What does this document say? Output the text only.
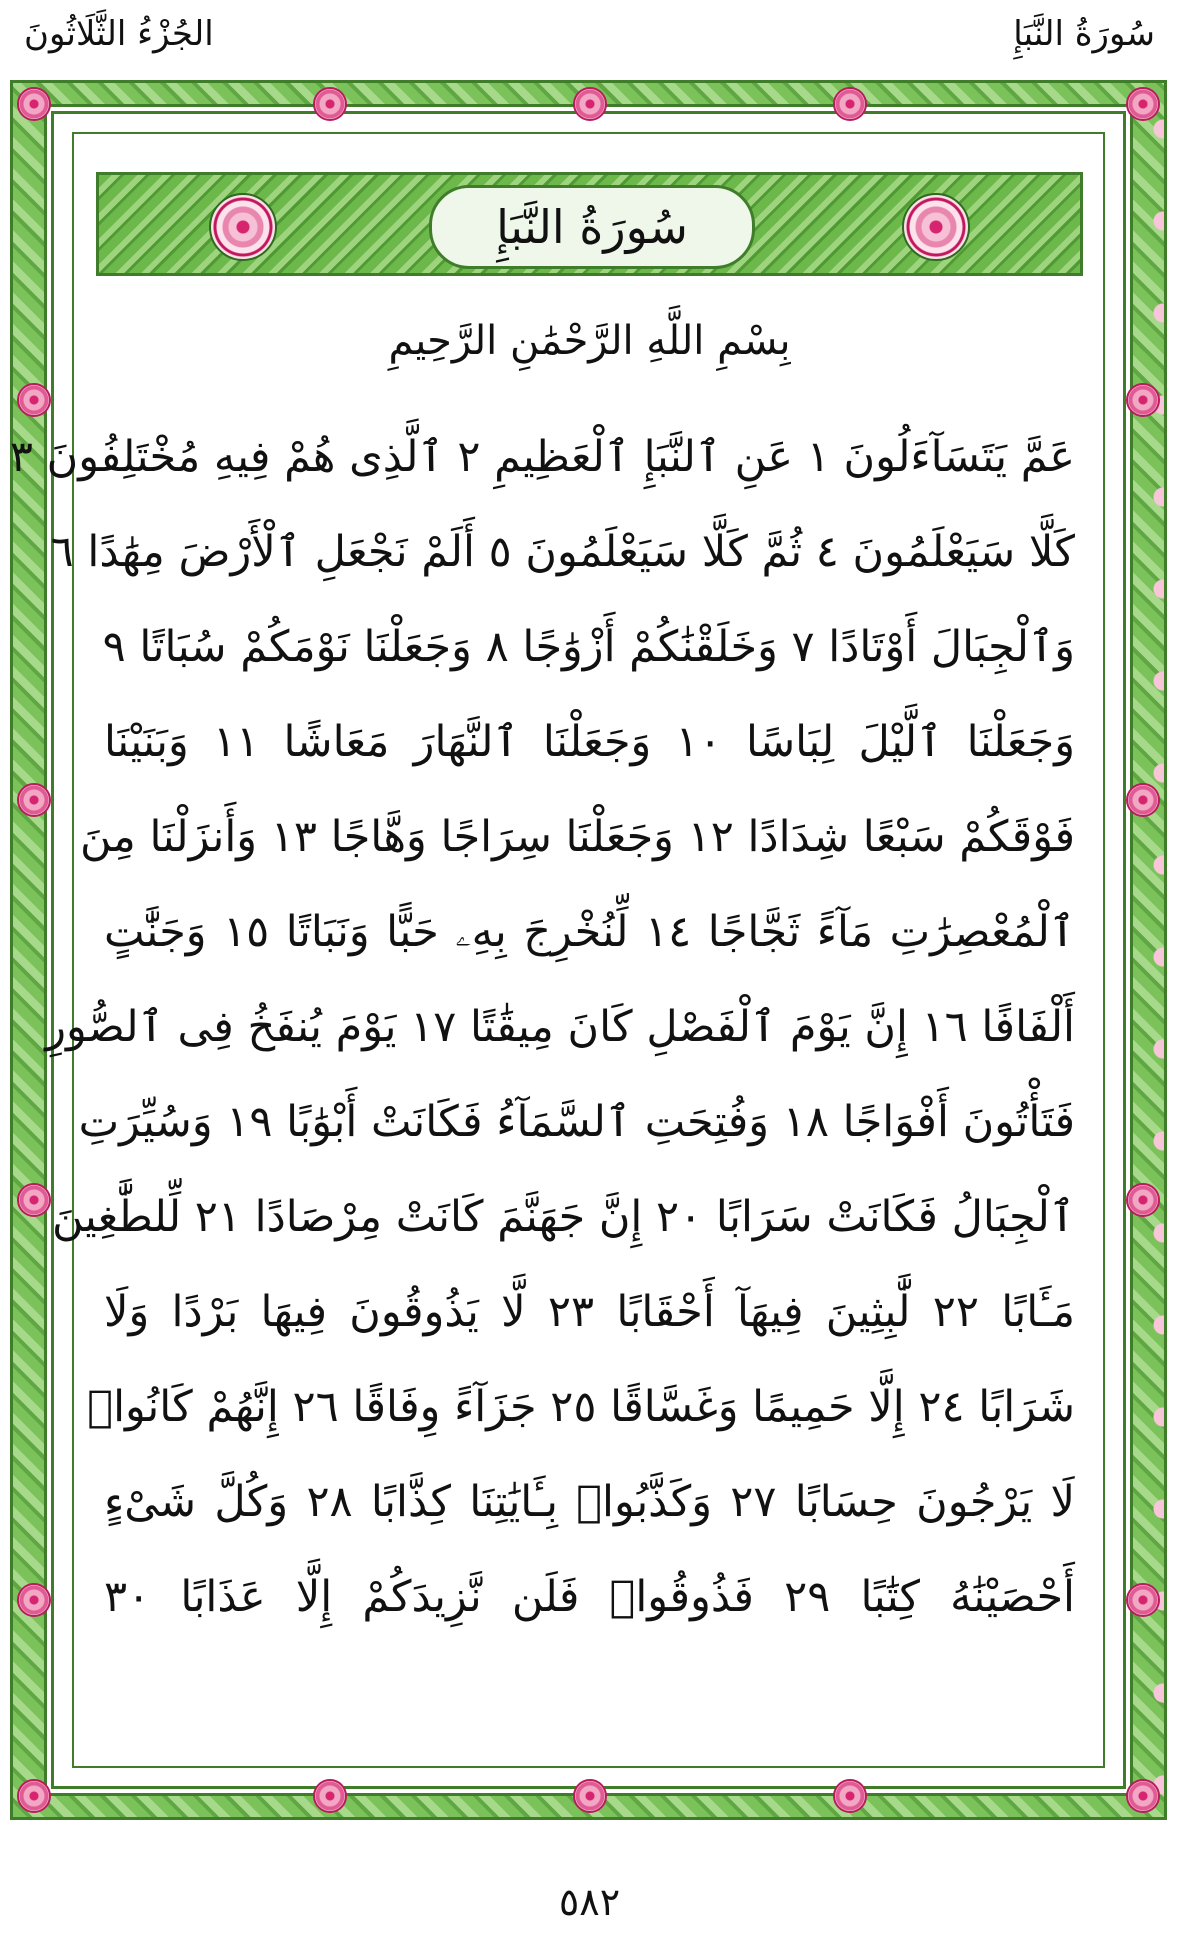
الجُزْءُ الثَّلَاثُونَ	سُورَةُ النَّبَإِ
سُورَةُ النَّبَإِ
بِسْمِ اللَّهِ الرَّحْمَٰنِ الرَّحِيمِ
عَمَّ يَتَسَآءَلُونَ ١ عَنِ ٱلنَّبَإِ ٱلْعَظِيمِ ٢ ٱلَّذِى هُمْ فِيهِ مُخْتَلِفُونَ ٣
كَلَّا سَيَعْلَمُونَ ٤ ثُمَّ كَلَّا سَيَعْلَمُونَ ٥ أَلَمْ نَجْعَلِ ٱلْأَرْضَ مِهَٰدًا ٦
وَٱلْجِبَالَ أَوْتَادًا ٧ وَخَلَقْنَٰكُمْ أَزْوَٰجًا ٨ وَجَعَلْنَا نَوْمَكُمْ سُبَاتًا ٩
وَجَعَلْنَا ٱلَّيْلَ لِبَاسًا ١٠ وَجَعَلْنَا ٱلنَّهَارَ مَعَاشًا ١١ وَبَنَيْنَا
فَوْقَكُمْ سَبْعًا شِدَادًا ١٢ وَجَعَلْنَا سِرَاجًا وَهَّاجًا ١٣ وَأَنزَلْنَا مِنَ
ٱلْمُعْصِرَٰتِ مَآءً ثَجَّاجًا ١٤ لِّنُخْرِجَ بِهِۦ حَبًّا وَنَبَاتًا ١٥ وَجَنَّٰتٍ
أَلْفَافًا ١٦ إِنَّ يَوْمَ ٱلْفَصْلِ كَانَ مِيقَٰتًا ١٧ يَوْمَ يُنفَخُ فِى ٱلصُّورِ
فَتَأْتُونَ أَفْوَاجًا ١٨ وَفُتِحَتِ ٱلسَّمَآءُ فَكَانَتْ أَبْوَٰبًا ١٩ وَسُيِّرَتِ
ٱلْجِبَالُ فَكَانَتْ سَرَابًا ٢٠ إِنَّ جَهَنَّمَ كَانَتْ مِرْصَادًا ٢١ لِّلطَّٰغِينَ
مَـَٔابًا ٢٢ لَّٰبِثِينَ فِيهَآ أَحْقَابًا ٢٣ لَّا يَذُوقُونَ فِيهَا بَرْدًا وَلَا
شَرَابًا ٢٤ إِلَّا حَمِيمًا وَغَسَّاقًا ٢٥ جَزَآءً وِفَاقًا ٢٦ إِنَّهُمْ كَانُوا۟
لَا يَرْجُونَ حِسَابًا ٢٧ وَكَذَّبُوا۟ بِـَٔايَٰتِنَا كِذَّابًا ٢٨ وَكُلَّ شَىْءٍ
أَحْصَيْنَٰهُ كِتَٰبًا ٢٩ فَذُوقُوا۟ فَلَن نَّزِيدَكُمْ إِلَّا عَذَابًا ٣٠
٥٨٢
